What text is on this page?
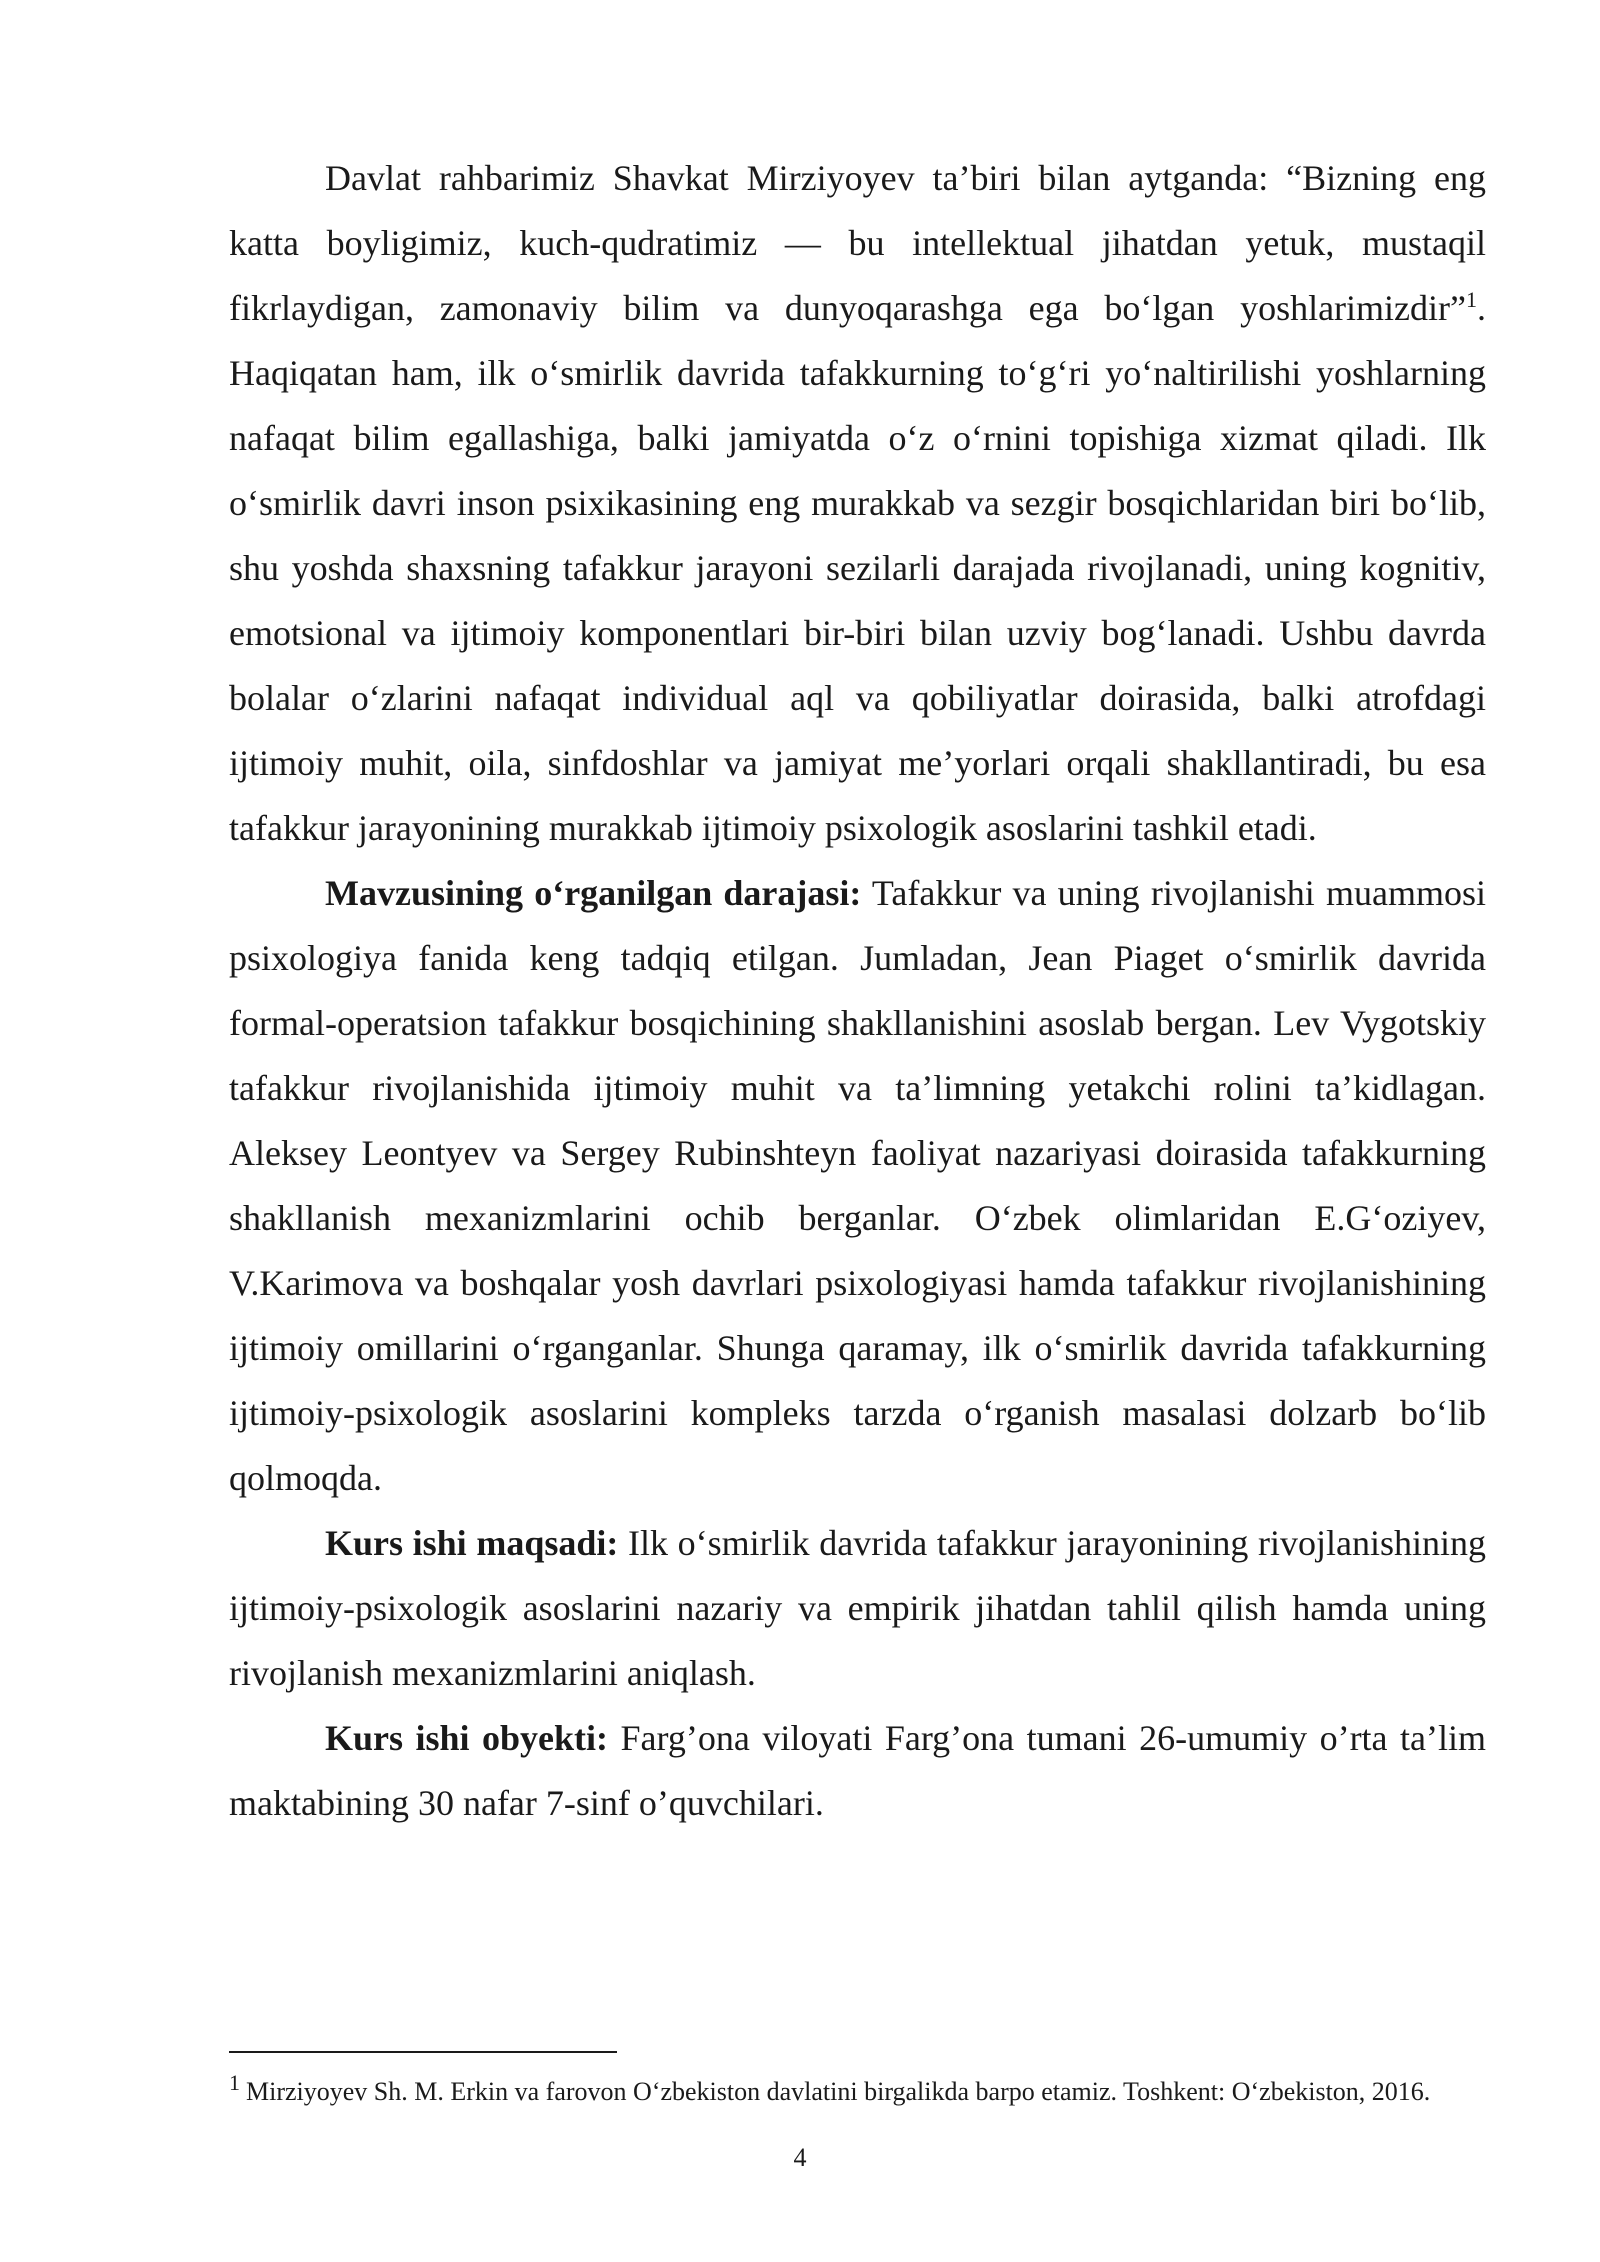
Davlat rahbarimiz Shavkat Mirziyoyev ta’biri bilan aytganda: “Bizning eng katta boyligimiz, kuch-qudratimiz — bu intellektual jihatdan yetuk, mustaqil fikrlaydigan, zamonaviy bilim va dunyoqarashga ega bo‘lgan yoshlarimizdir”$^1$. Haqiqatan ham, ilk o‘smirlik davrida tafakkurning to‘g‘ri yo‘naltirilishi yoshlarning nafaqat bilim egallashiga, balki jamiyatda o‘z o‘rnini topishiga xizmat qiladi. Ilk o‘smirlik davri inson psixikasining eng murakkab va sezgir bosqichlaridan biri bo‘lib, shu yoshda shaxsning tafakkur jarayoni sezilarli darajada rivojlanadi, uning kognitiv, emotsional va ijtimoiy komponentlari bir-biri bilan uzviy bog‘lanadi. Ushbu davrda bolalar o‘zlarini nafaqat individual aql va qobiliyatlar doirasida, balki atrofdagi ijtimoiy muhit, oila, sinfdoshlar va jamiyat me’yorlari orqali shakllantiradi, bu esa tafakkur jarayonining murakkab ijtimoiy psixologik asoslarini tashkil etadi.

Mavzusining o‘rganilgan darajasi: Tafakkur va uning rivojlanishi muammosi psixologiya fanida keng tadqiq etilgan. Jumladan, Jean Piaget o‘smirlik davrida formal-operatsion tafakkur bosqichining shakllanishini asoslab bergan. Lev Vygotskiy tafakkur rivojlanishida ijtimoiy muhit va ta’limning yetakchi rolini ta’kidlagan. Aleksey Leontyev va Sergey Rubinshteyn faoliyat nazariyasi doirasida tafakkurning shakllanish mexanizmlarini ochib berganlar. O‘zbek olimlaridan E.G‘oziyev, V.Karimova va boshqalar yosh davrlari psixologiyasi hamda tafakkur rivojlanishining ijtimoiy omillarini o‘rganganlar. Shunga qaramay, ilk o‘smirlik davrida tafakkurning ijtimoiy-psixologik asoslarini kompleks tarzda o‘rganish masalasi dolzarb bo‘lib qolmoqda.

Kurs ishi maqsadi: Ilk o‘smirlik davrida tafakkur jarayonining rivojlanishining ijtimoiy-psixologik asoslarini nazariy va empirik jihatdan tahlil qilish hamda uning rivojlanish mexanizmlarini aniqlash.

Kurs ishi obyekti: Farg’ona viloyati Farg’ona tumani 26-umumiy o’rta ta’lim maktabining 30 nafar 7-sinf o’quvchilari.

$^1$ Mirziyoyev Sh. M. Erkin va farovon O‘zbekiston davlatini birgalikda barpo etamiz. Toshkent: O‘zbekiston, 2016.

4
